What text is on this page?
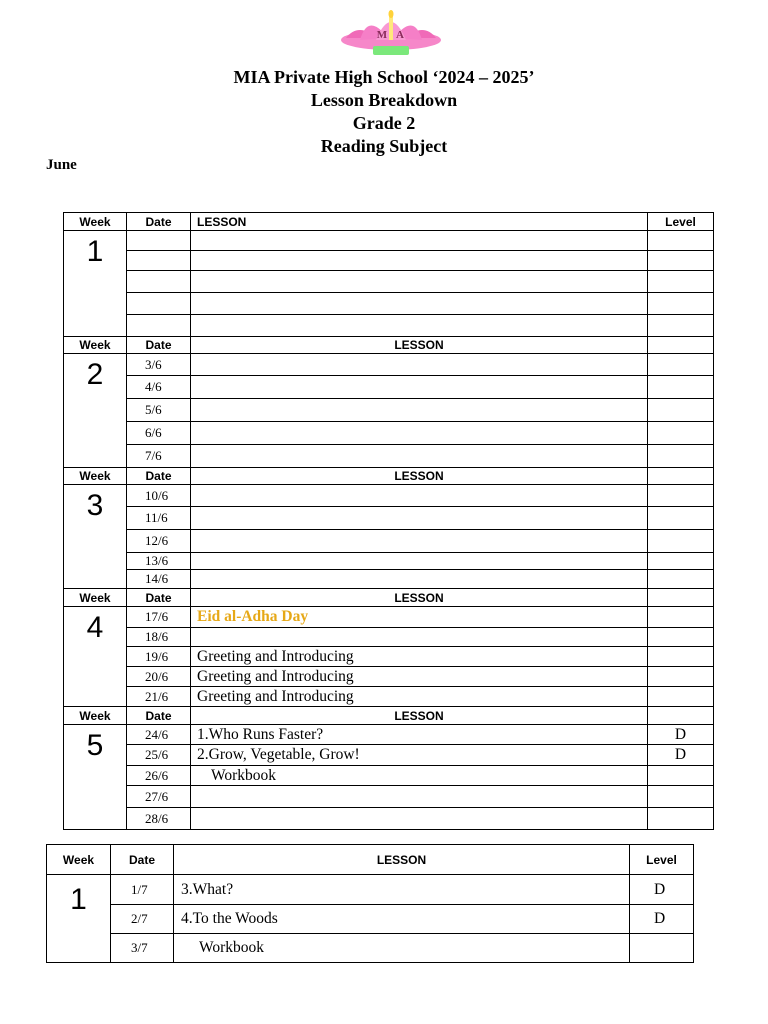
M A
MIA Private High School ‘2024 – 2025’
Lesson Breakdown
Grade 2
Reading Subject
June
Week	Date	LESSON	Level
1			

Week	Date	LESSON	
2	3/6		
	4/6		
	5/6		
	6/6		
	7/6		
Week	Date	LESSON	
3	10/6		
	11/6		
	12/6		
	13/6		
	14/6		
Week	Date	LESSON	
4	17/6	Eid al-Adha Day	
	18/6		
	19/6	Greeting and Introducing	
	20/6	Greeting and Introducing	
	21/6	Greeting and Introducing	
Week	Date	LESSON	
5	24/6	1.Who Runs Faster?	D
	25/6	2.Grow, Vegetable, Grow!	D
	26/6	Workbook	
	27/6		
	28/6		
Week	Date	LESSON	Level
1	1/7	3.What?	D
	2/7	4.To the Woods	D
	3/7	Workbook	
